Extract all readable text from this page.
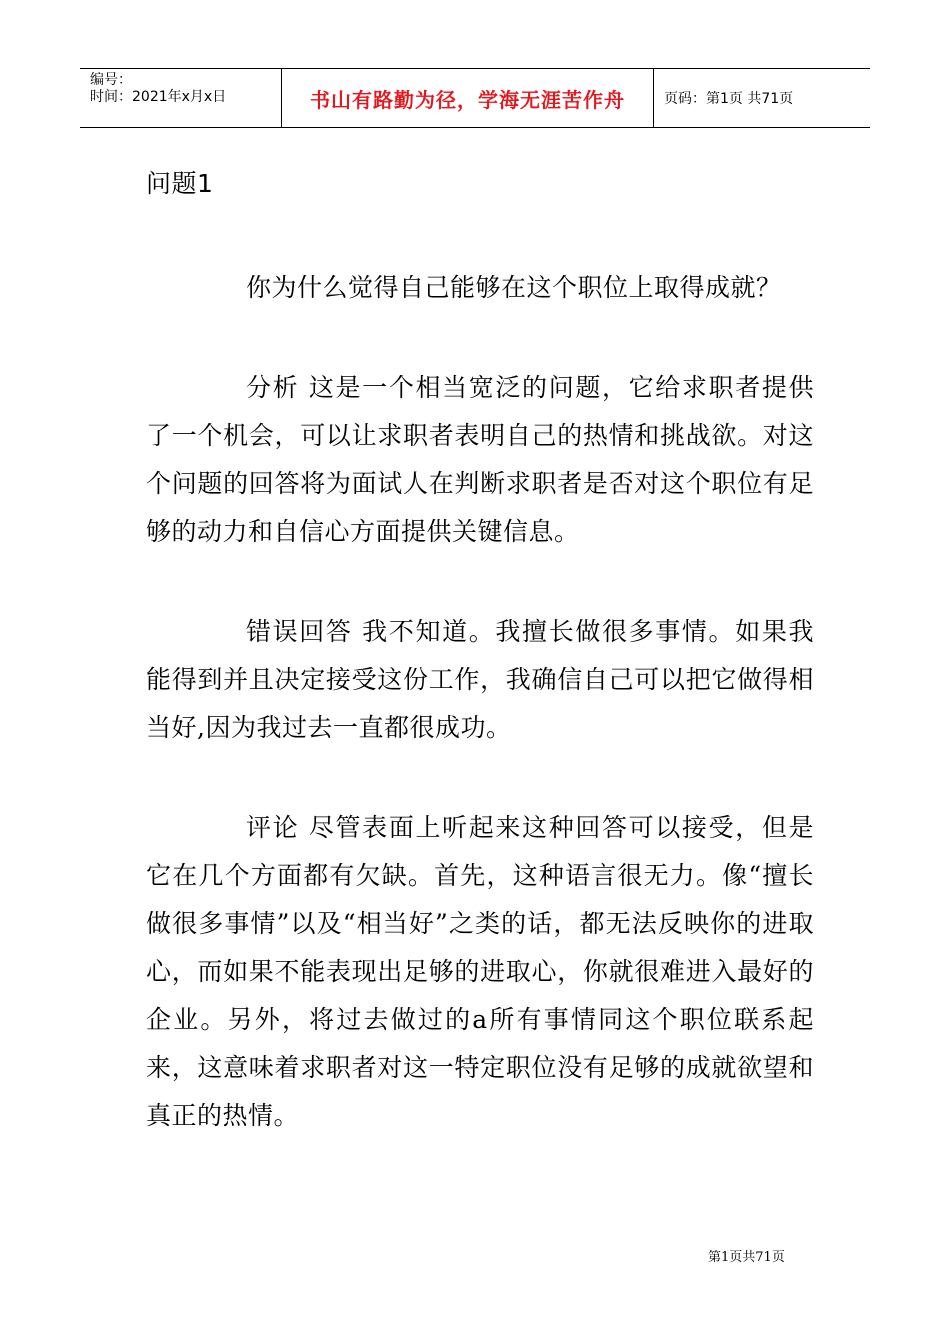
编号：
时间：2021年x月x日	书山有路勤为径，学海无涯苦作舟	页码：第1页 共71页

问题1

你为什么觉得自己能够在这个职位上取得成就？

分析 这是一个相当宽泛的问题，它给求职者提供了一个机会，可以让求职者表明自己的热情和挑战欲。对这个问题的回答将为面试人在判断求职者是否对这个职位有足够的动力和自信心方面提供关键信息。

错误回答 我不知道。我擅长做很多事情。如果我能得到并且决定接受这份工作，我确信自己可以把它做得相当好,因为我过去一直都很成功。

评论 尽管表面上听起来这种回答可以接受，但是它在几个方面都有欠缺。首先，这种语言很无力。像“擅长做很多事情”以及“相当好”之类的话，都无法反映你的进取心，而如果不能表现出足够的进取心，你就很难进入最好的企业。另外，将过去做过的a所有事情同这个职位联系起来，这意味着求职者对这一特定职位没有足够的成就欲望和真正的热情。

第1页共71页
